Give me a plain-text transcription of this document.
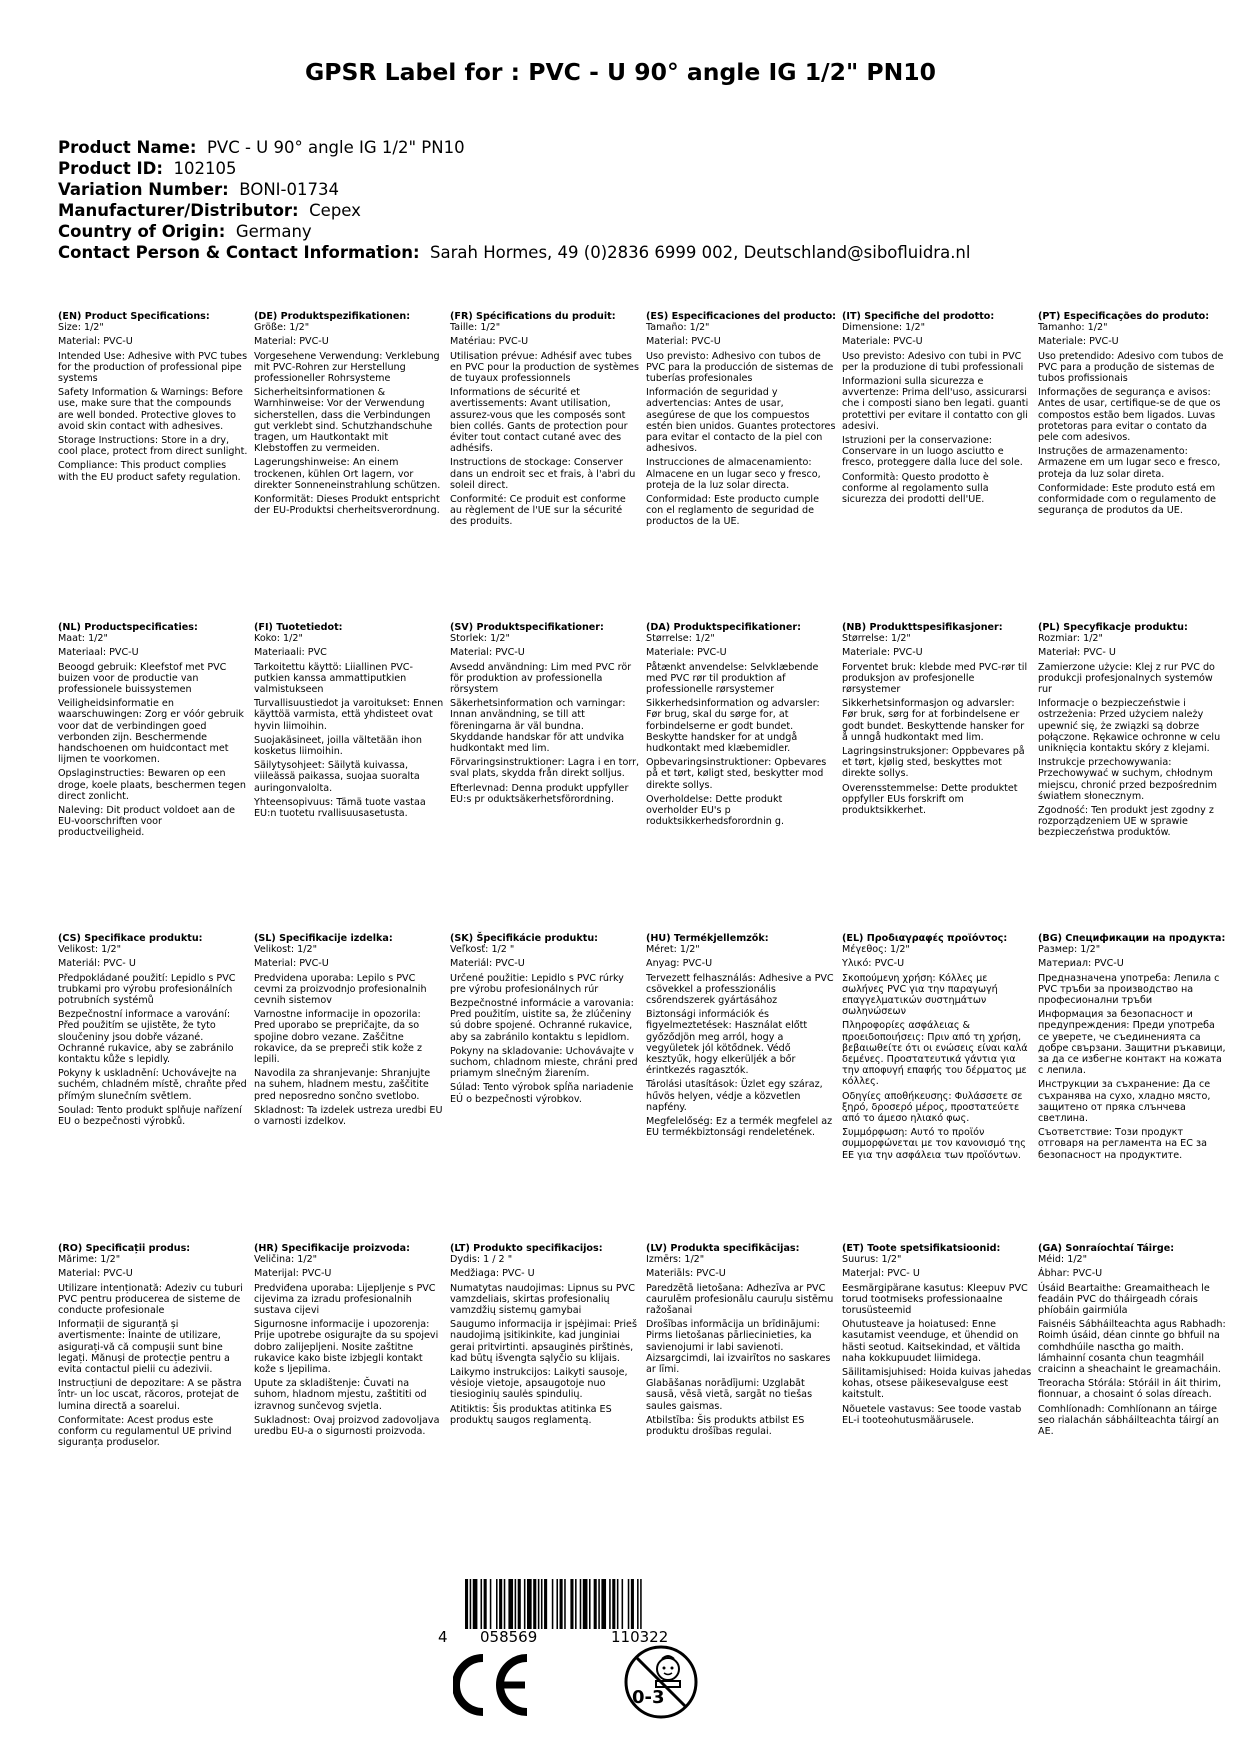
GPSR Label for : PVC - U 90° angle IG 1/2" PN10
Product Name: PVC - U 90° angle IG 1/2" PN10
Product ID: 102105
Variation Number: BONI-01734
Manufacturer/Distributor: Cepex
Country of Origin: Germany
Contact Person & Contact Information: Sarah Hormes, 49 (0)2836 6999 002, Deutschland@sibofluidra.nl
(EN) Product Specifications:
Size: 1/2"
Material: PVC-U
Intended Use: Adhesive with PVC tubes for the production of professional pipe systems
Safety Information & Warnings: Before use, make sure that the compounds are well bonded. Protective gloves to avoid skin contact with adhesives.
Storage Instructions: Store in a dry, cool place, protect from direct sunlight.
Compliance: This product complies with the EU product safety regulation.
(DE) Produktspezifikationen:
Größe: 1/2"
Material: PVC-U
Vorgesehene Verwendung: Verklebung mit PVC-Rohren zur Herstellung professioneller Rohrsysteme
Sicherheitsinformationen & Warnhinweise: Vor der Verwendung sicherstellen, dass die Verbindungen gut verklebt sind. Schutzhandschuhe tragen, um Hautkontakt mit Klebstoffen zu vermeiden.
Lagerungshinweise: An einem trockenen, kühlen Ort lagern, vor direkter Sonneneinstrahlung schützen.
Konformität: Dieses Produkt entspricht der EU-Produktsi cherheitsverordnung.
(FR) Spécifications du produit:
Taille: 1/2"
Matériau: PVC-U
Utilisation prévue: Adhésif avec tubes en PVC pour la production de systèmes de tuyaux professionnels
Informations de sécurité et avertissements: Avant utilisation, assurez-vous que les composés sont bien collés. Gants de protection pour éviter tout contact cutané avec des adhésifs.
Instructions de stockage: Conserver dans un endroit sec et frais, à l'abri du soleil direct.
Conformité: Ce produit est conforme au règlement de l'UE sur la sécurité des produits.
(ES) Especificaciones del producto:
Tamaño: 1/2"
Material: PVC-U
Uso previsto: Adhesivo con tubos de PVC para la producción de sistemas de tuberías profesionales
Información de seguridad y advertencias: Antes de usar, asegúrese de que los compuestos estén bien unidos. Guantes protectores para evitar el contacto de la piel con adhesivos.
Instrucciones de almacenamiento: Almacene en un lugar seco y fresco, proteja de la luz solar directa.
Conformidad: Este producto cumple con el reglamento de seguridad de productos de la UE.
(IT) Specifiche del prodotto:
Dimensione: 1/2"
Materiale: PVC-U
Uso previsto: Adesivo con tubi in PVC per la produzione di tubi professionali
Informazioni sulla sicurezza e avvertenze: Prima dell'uso, assicurarsi che i composti siano ben legati. guanti protettivi per evitare il contatto con gli adesivi.
Istruzioni per la conservazione: Conservare in un luogo asciutto e fresco, proteggere dalla luce del sole.
Conformità: Questo prodotto è conforme al regolamento sulla sicurezza dei prodotti dell'UE.
(PT) Especificações do produto:
Tamanho: 1/2"
Materiale: PVC-U
Uso pretendido: Adesivo com tubos de PVC para a produção de sistemas de tubos profissionais
Informações de segurança e avisos: Antes de usar, certifique-se de que os compostos estão bem ligados. Luvas protetoras para evitar o contato da pele com adesivos.
Instruções de armazenamento: Armazene em um lugar seco e fresco, proteja da luz solar direta.
Conformidade: Este produto está em conformidade com o regulamento de segurança de produtos da UE.
(NL) Productspecificaties:
Maat: 1/2"
Materiaal: PVC-U
Beoogd gebruik: Kleefstof met PVC buizen voor de productie van professionele buissystemen
Veiligheidsinformatie en waarschuwingen: Zorg er vóór gebruik voor dat de verbindingen goed verbonden zijn. Beschermende handschoenen om huidcontact met lijmen te voorkomen.
Opslaginstructies: Bewaren op een droge, koele plaats, beschermen tegen direct zonlicht.
Naleving: Dit product voldoet aan de EU-voorschriften voor productveiligheid.
(FI) Tuotetiedot:
Koko: 1/2"
Materiaali: PVC
Tarkoitettu käyttö: Liiallinen PVC-putkien kanssa ammattiputkien valmistukseen
Turvallisuustiedot ja varoitukset: Ennen käyttöä varmista, että yhdisteet ovat hyvin liimoihin.
Suojakäsineet, joilla vältetään ihon kosketus liimoihin.
Säilytysohjeet: Säilytä kuivassa, viileässä paikassa, suojaa suoralta auringonvalolta.
Yhteensopivuus: Tämä tuote vastaa EU:n tuotetu rvallisuusasetusta.
(SV) Produktspecifikationer:
Storlek: 1/2"
Material: PVC-U
Avsedd användning: Lim med PVC rör för produktion av professionella rörsystem
Säkerhetsinformation och varningar: Innan användning, se till att föreningarna är väl bundna. Skyddande handskar för att undvika hudkontakt med lim.
Förvaringsinstruktioner: Lagra i en torr, sval plats, skydda från direkt solljus.
Efterlevnad: Denna produkt uppfyller EU:s pr oduktsäkerhetsförordning.
(DA) Produktspecifikationer:
Størrelse: 1/2"
Materiale: PVC-U
Påtænkt anvendelse: Selvklæbende med PVC rør til produktion af professionelle rørsystemer
Sikkerhedsinformation og advarsler: Før brug, skal du sørge for, at forbindelserne er godt bundet. Beskytte handsker for at undgå hudkontakt med klæbemidler.
Opbevaringsinstruktioner: Opbevares på et tørt, køligt sted, beskytter mod direkte sollys.
Overholdelse: Dette produkt overholder EU's p roduktsikkerhedsforordnin g.
(NB) Produkttspesifikasjoner:
Størrelse: 1/2"
Materiale: PVC-U
Forventet bruk: klebde med PVC-rør til produksjon av profesjonelle rørsystemer
Sikkerhetsinformasjon og advarsler: Før bruk, sørg for at forbindelsene er godt bundet. Beskyttende hansker for å unngå hudkontakt med lim.
Lagringsinstruksjoner: Oppbevares på et tørt, kjølig sted, beskyttes mot direkte sollys.
Overensstemmelse: Dette produktet oppfyller EUs forskrift om produktsikkerhet.
(PL) Specyfikacje produktu:
Rozmiar: 1/2"
Materiał: PVC- U
Zamierzone użycie: Klej z rur PVC do produkcji profesjonalnych systemów rur
Informacje o bezpieczeństwie i ostrzeżenia: Przed użyciem należy upewnić się, że związki są dobrze połączone. Rękawice ochronne w celu uniknięcia kontaktu skóry z klejami.
Instrukcje przechowywania: Przechowywać w suchym, chłodnym miejscu, chronić przed bezpośrednim światłem słonecznym.
Zgodność: Ten produkt jest zgodny z rozporządzeniem UE w sprawie bezpieczeństwa produktów.
(CS) Specifikace produktu:
Velikost: 1/2"
Materiál: PVC- U
Předpokládané použití: Lepidlo s PVC trubkami pro výrobu profesionálních potrubních systémů
Bezpečnostní informace a varování: Před použitím se ujistěte, že tyto sloučeniny jsou dobře vázané. Ochranné rukavice, aby se zabránilo kontaktu kůže s lepidly.
Pokyny k uskladnění: Uchovávejte na suchém, chladném místě, chraňte před přímým slunečním světlem.
Soulad: Tento produkt splňuje nařízení EU o bezpečnosti výrobků.
(SL) Specifikacije izdelka:
Velikost: 1/2"
Material: PVC-U
Predvidena uporaba: Lepilo s PVC cevmi za proizvodnjo profesionalnih cevnih sistemov
Varnostne informacije in opozorila: Pred uporabo se prepričajte, da so spojine dobro vezane. Zaščitne rokavice, da se prepreči stik kože z lepili.
Navodila za shranjevanje: Shranjujte na suhem, hladnem mestu, zaščitite pred neposredno sončno svetlobo.
Skladnost: Ta izdelek ustreza uredbi EU o varnosti izdelkov.
(SK) Špecifikácie produktu:
Veľkosť: 1/2 "
Materiál: PVC-U
Určené použitie: Lepidlo s PVC rúrky pre výrobu profesionálnych rúr
Bezpečnostné informácie a varovania: Pred použitím, uistite sa, že zlúčeniny sú dobre spojené. Ochranné rukavice, aby sa zabránilo kontaktu s lepidlom.
Pokyny na skladovanie: Uchovávajte v suchom, chladnom mieste, chráni pred priamym slnečným žiarením.
Súlad: Tento výrobok spĺňa nariadenie EÚ o bezpečnosti výrobkov.
(HU) Termékjellemzők:
Méret: 1/2"
Anyag: PVC-U
Tervezett felhasználás: Adhesive a PVC csövekkel a professzionális csőrendszerek gyártásához
Biztonsági információk és figyelmeztetések: Használat előtt győződjön meg arról, hogy a vegyületek jól kötődnek. Védő kesztyűk, hogy elkerüljék a bőr érintkezés ragasztók.
Tárolási utasítások: Üzlet egy száraz, hűvös helyen, védje a közvetlen napfény.
Megfelelőség: Ez a termék megfelel az EU termékbiztonsági rendeletének.
(EL) Προδιαγραφές προϊόντος:
Μέγεθος: 1/2"
Υλικό: PVC-U
Σκοπούμενη χρήση: Κόλλες με σωλήνες PVC για την παραγωγή επαγγελματικών συστημάτων σωληνώσεων
Πληροφορίες ασφάλειας & προειδοποιήσεις: Πριν από τη χρήση, βεβαιωθείτε ότι οι ενώσεις είναι καλά δεμένες. Προστατευτικά γάντια για την αποφυγή επαφής του δέρματος με κόλλες.
Οδηγίες αποθήκευσης: Φυλάσσετε σε ξηρό, δροσερό μέρος, προστατεύετε από το άμεσο ηλιακό φως.
Συμμόρφωση: Αυτό το προϊόν συμμορφώνεται με τον κανονισμό της ΕΕ για την ασφάλεια των προϊόντων.
(BG) Спецификации на продукта:
Размер: 1/2"
Материал: PVC-U
Предназначена употреба: Лепила с PVC тръби за производство на професионални тръби
Информация за безопасност и предупреждения: Преди употреба се уверете, че съединенията са добре свързани. Защитни ръкавици, за да се избегне контакт на кожата с лепила.
Инструкции за съхранение: Да се съхранява на сухо, хладно място, защитено от пряка слънчева светлина.
Съответствие: Този продукт отговаря на регламента на ЕС за безопасност на продуктите.
(RO) Specificații produs:
Mărime: 1/2"
Material: PVC-U
Utilizare intenționată: Adeziv cu tuburi PVC pentru producerea de sisteme de conducte profesionale
Informații de siguranță și avertismente: Înainte de utilizare, asigurați-vă că compușii sunt bine legați. Mănuși de protecție pentru a evita contactul pielii cu adezivii.
Instrucțiuni de depozitare: A se păstra într- un loc uscat, răcoros, protejat de lumina directă a soarelui.
Conformitate: Acest produs este conform cu regulamentul UE privind siguranța produselor.
(HR) Specifikacije proizvoda:
Veličina: 1/2"
Materijal: PVC-U
Predviđena uporaba: Lijepljenje s PVC cijevima za izradu profesionalnih sustava cijevi
Sigurnosne informacije i upozorenja: Prije upotrebe osigurajte da su spojevi dobro zalijepljeni. Nosite zaštitne rukavice kako biste izbjegli kontakt kože s ljepilima.
Upute za skladištenje: Čuvati na suhom, hladnom mjestu, zaštititi od izravnog sunčevog svjetla.
Sukladnost: Ovaj proizvod zadovoljava uredbu EU-a o sigurnosti proizvoda.
(LT) Produkto specifikacijos:
Dydis: 1 / 2 "
Medžiaga: PVC- U
Numatytas naudojimas: Lipnus su PVC vamzdeliais, skirtas profesionalių vamzdžių sistemų gamybai
Saugumo informacija ir įspėjimai: Prieš naudojimą įsitikinkite, kad junginiai gerai pritvirtinti. apsauginės pirštinės, kad būtų išvengta sąlyčio su klijais.
Laikymo instrukcijos: Laikyti sausoje, vėsioje vietoje, apsaugotoje nuo tiesioginių saulės spindulių.
Atitiktis: Šis produktas atitinka ES produktų saugos reglamentą.
(LV) Produkta specifikācijas:
Izmērs: 1/2"
Materiāls: PVC-U
Paredzētā lietošana: Adhezīva ar PVC caurulēm profesionālu cauruļu sistēmu ražošanai
Drošības informācija un brīdinājumi: Pirms lietošanas pārliecinieties, ka savienojumi ir labi savienoti. Aizsargcimdi, lai izvairītos no saskares ar līmi.
Glabāšanas norādījumi: Uzglabāt sausā, vēsā vietā, sargāt no tiešas saules gaismas.
Atbilstība: Šis produkts atbilst ES produktu drošības regulai.
(ET) Toote spetsifikatsioonid:
Suurus: 1/2"
Materjal: PVC- U
Eesmärgipärane kasutus: Kleepuv PVC torud tootmiseks professionaalne torusüsteemid
Ohutusteave ja hoiatused: Enne kasutamist veenduge, et ühendid on hästi seotud. Kaitsekindad, et vältida naha kokkupuudet liimidega.
Säilitamisjuhised: Hoida kuivas jahedas kohas, otsese päikesevalguse eest kaitstult.
Nõuetele vastavus: See toode vastab EL-i tooteohutusmäärusele.
(GA) Sonraíochtaí Táirge:
Méid: 1/2"
Ábhar: PVC-U
Úsáid Beartaithe: Greamaitheach le feadáin PVC do tháirgeadh córais phíobáin gairmiúla
Faisnéis Sábháilteachta agus Rabhadh: Roimh úsáid, déan cinnte go bhfuil na comhdhúile nasctha go maith. lámhainní cosanta chun teagmháil craicinn a sheachaint le greamacháin.
Treoracha Stórála: Stóráil in áit thirim, fionnuar, a chosaint ó solas díreach.
Comhlíonadh: Comhlíonann an táirge seo rialachán sábháilteachta táirgí an AE.
4 058569	110322
0-3
